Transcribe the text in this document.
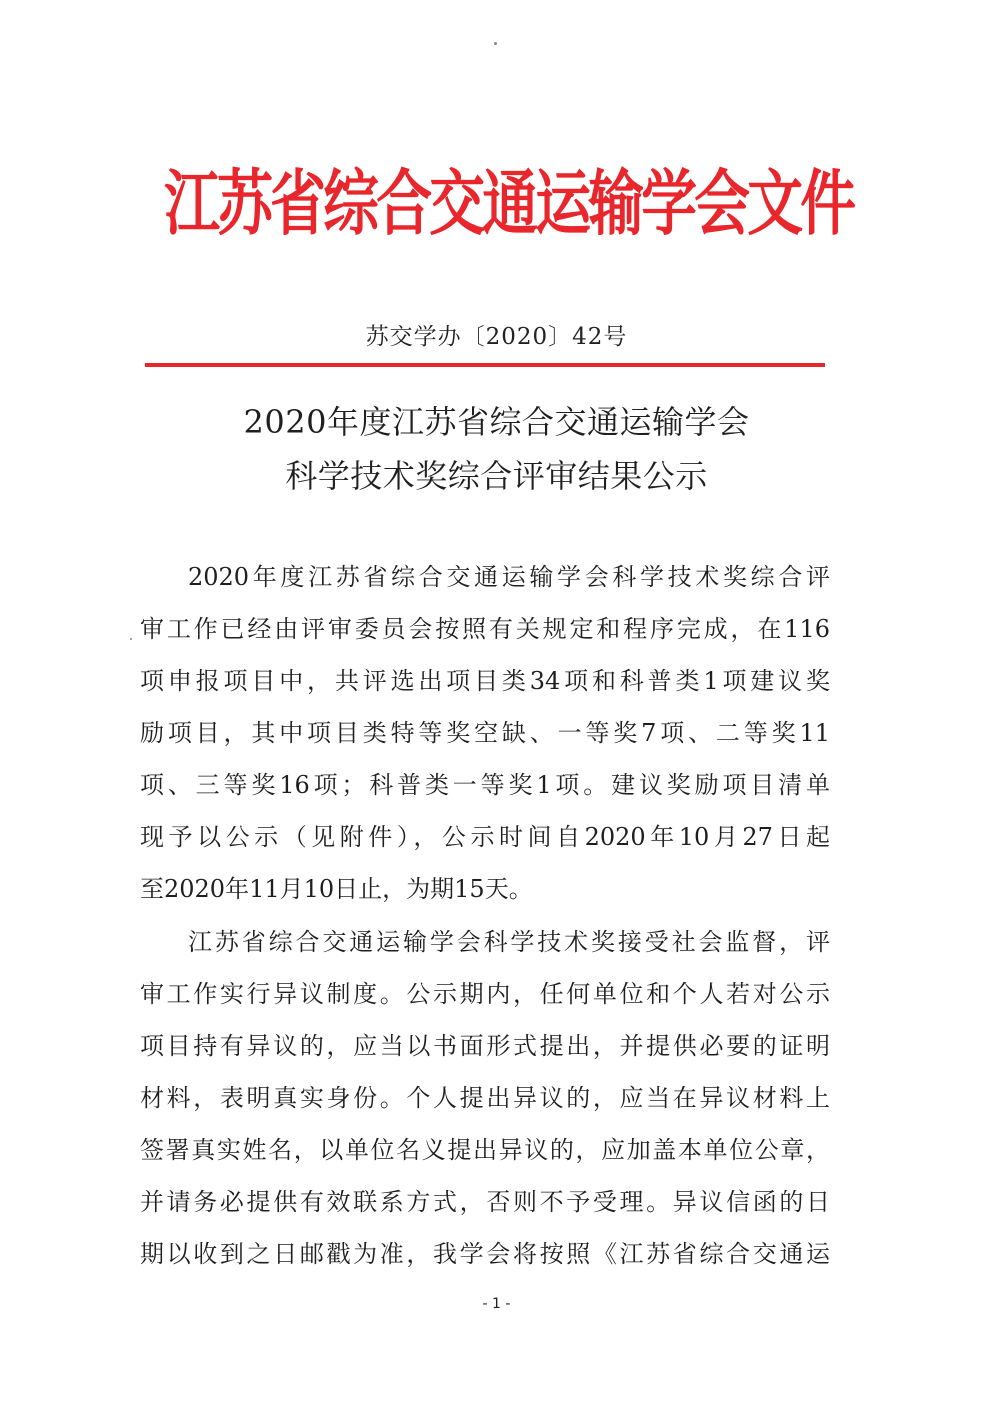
江苏省综合交通运输学会文件
苏交学办〔2020〕42号
2020年度江苏省综合交通运输学会
科学技术奖综合评审结果公示
2020年度江苏省综合交通运输学会科学技术奖综合评
审工作已经由评审委员会按照有关规定和程序完成，在116
项申报项目中，共评选出项目类34项和科普类1项建议奖
励项目，其中项目类特等奖空缺、一等奖7项、二等奖11
项、三等奖16项；科普类一等奖1项。建议奖励项目清单
现予以公示（见附件），公示时间自2020年10月27日起
至2020年11月10日止，为期15天。
江苏省综合交通运输学会科学技术奖接受社会监督，评
审工作实行异议制度。公示期内，任何单位和个人若对公示
项目持有异议的，应当以书面形式提出，并提供必要的证明
材料，表明真实身份。个人提出异议的，应当在异议材料上
签署真实姓名，以单位名义提出异议的，应加盖本单位公章，
并请务必提供有效联系方式，否则不予受理。异议信函的日
期以收到之日邮戳为准，我学会将按照《江苏省综合交通运
- 1 -
